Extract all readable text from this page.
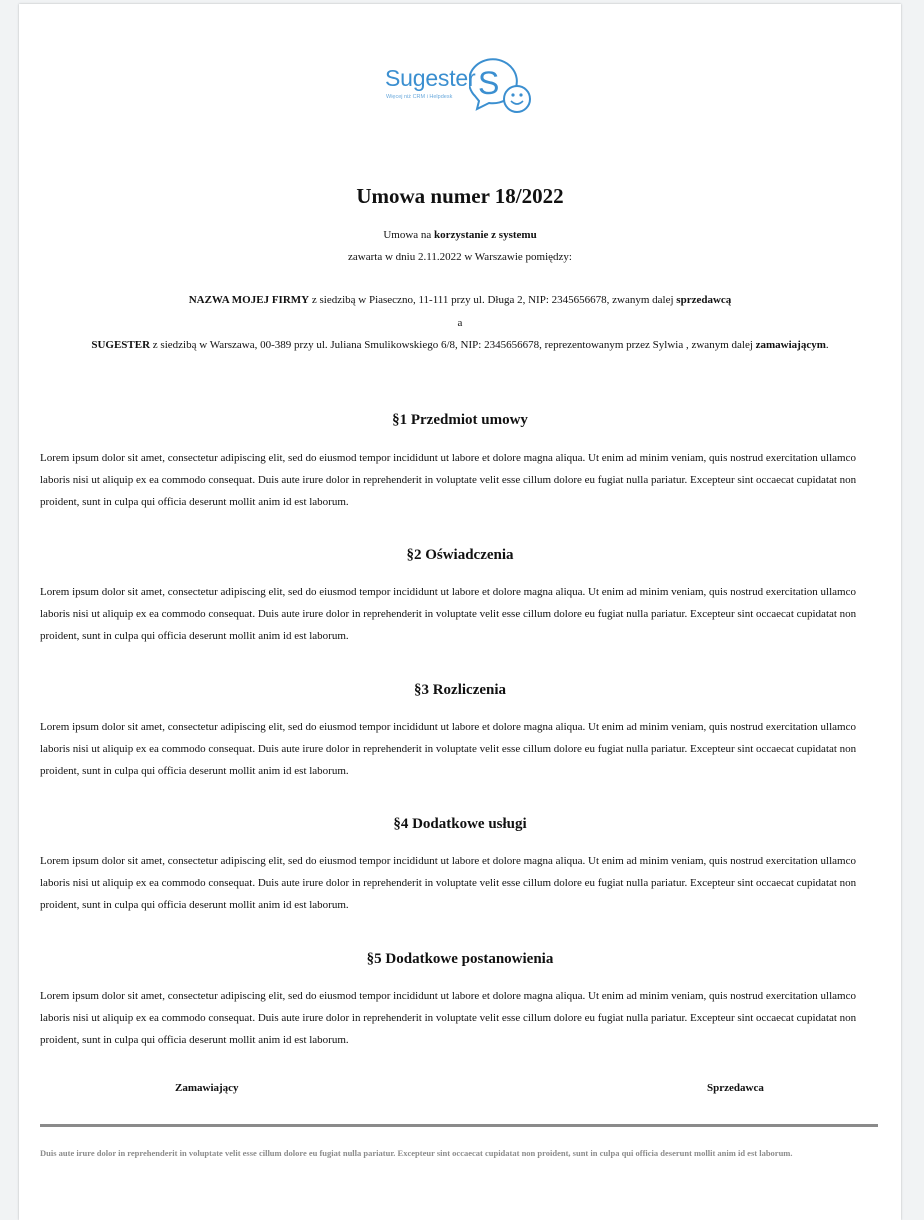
Sugester
Więcej niż CRM i Helpdesk S
Umowa numer 18/2022
Umowa na korzystanie z systemu
zawarta w dniu 2.11.2022 w Warszawie pomiędzy:
NAZWA MOJEJ FIRMY z siedzibą w Piaseczno, 11-111 przy ul. Długa 2, NIP: 2345656678, zwanym dalej sprzedawcą
a
SUGESTER z siedzibą w Warszawa, 00-389 przy ul. Juliana Smulikowskiego 6/8, NIP: 2345656678, reprezentowanym przez Sylwia , zwanym dalej zamawiającym.
§1 Przedmiot umowy

Lorem ipsum dolor sit amet, consectetur adipiscing elit, sed do eiusmod tempor incididunt ut labore et dolore magna aliqua. Ut enim ad minim veniam, quis nostrud exercitation ullamco laboris nisi ut aliquip ex ea commodo consequat. Duis aute irure dolor in reprehenderit in voluptate velit esse cillum dolore eu fugiat nulla pariatur. Excepteur sint occaecat cupidatat non proident, sunt in culpa qui officia deserunt mollit anim id est laborum.

§2 Oświadczenia

Lorem ipsum dolor sit amet, consectetur adipiscing elit, sed do eiusmod tempor incididunt ut labore et dolore magna aliqua. Ut enim ad minim veniam, quis nostrud exercitation ullamco laboris nisi ut aliquip ex ea commodo consequat. Duis aute irure dolor in reprehenderit in voluptate velit esse cillum dolore eu fugiat nulla pariatur. Excepteur sint occaecat cupidatat non proident, sunt in culpa qui officia deserunt mollit anim id est laborum.

§3 Rozliczenia

Lorem ipsum dolor sit amet, consectetur adipiscing elit, sed do eiusmod tempor incididunt ut labore et dolore magna aliqua. Ut enim ad minim veniam, quis nostrud exercitation ullamco laboris nisi ut aliquip ex ea commodo consequat. Duis aute irure dolor in reprehenderit in voluptate velit esse cillum dolore eu fugiat nulla pariatur. Excepteur sint occaecat cupidatat non proident, sunt in culpa qui officia deserunt mollit anim id est laborum.

§4 Dodatkowe usługi

Lorem ipsum dolor sit amet, consectetur adipiscing elit, sed do eiusmod tempor incididunt ut labore et dolore magna aliqua. Ut enim ad minim veniam, quis nostrud exercitation ullamco laboris nisi ut aliquip ex ea commodo consequat. Duis aute irure dolor in reprehenderit in voluptate velit esse cillum dolore eu fugiat nulla pariatur. Excepteur sint occaecat cupidatat non proident, sunt in culpa qui officia deserunt mollit anim id est laborum.

§5 Dodatkowe postanowienia

Lorem ipsum dolor sit amet, consectetur adipiscing elit, sed do eiusmod tempor incididunt ut labore et dolore magna aliqua. Ut enim ad minim veniam, quis nostrud exercitation ullamco laboris nisi ut aliquip ex ea commodo consequat. Duis aute irure dolor in reprehenderit in voluptate velit esse cillum dolore eu fugiat nulla pariatur. Excepteur sint occaecat cupidatat non proident, sunt in culpa qui officia deserunt mollit anim id est laborum.

Zamawiający	Sprzedawca

Duis aute irure dolor in reprehenderit in voluptate velit esse cillum dolore eu fugiat nulla pariatur. Excepteur sint occaecat cupidatat non proident, sunt in culpa qui officia deserunt mollit anim id est laborum.
